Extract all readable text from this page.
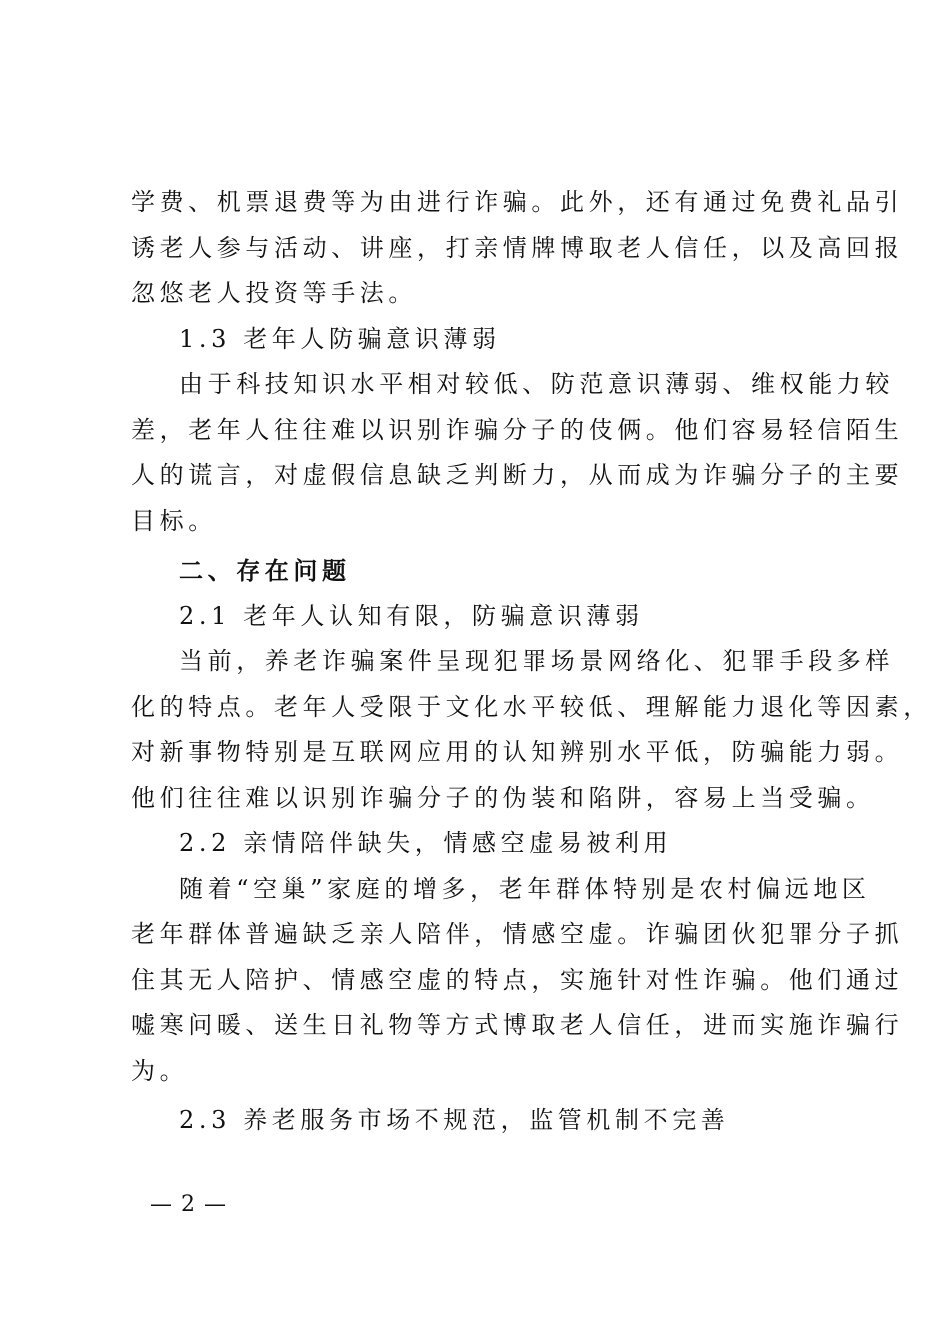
学费、机票退费等为由进行诈骗。此外，还有通过免费礼品引
诱老人参与活动、讲座，打亲情牌博取老人信任，以及高回报
忽悠老人投资等手法。
1.3 老年人防骗意识薄弱
由于科技知识水平相对较低、防范意识薄弱、维权能力较
差，老年人往往难以识别诈骗分子的伎俩。他们容易轻信陌生
人的谎言，对虚假信息缺乏判断力，从而成为诈骗分子的主要
目标。
二、存在问题
2.1 老年人认知有限，防骗意识薄弱
当前，养老诈骗案件呈现犯罪场景网络化、犯罪手段多样
化的特点。老年人受限于文化水平较低、理解能力退化等因素，
对新事物特别是互联网应用的认知辨别水平低，防骗能力弱。
他们往往难以识别诈骗分子的伪装和陷阱，容易上当受骗。
2.2 亲情陪伴缺失，情感空虚易被利用
随着“空巢”家庭的增多，老年群体特别是农村偏远地区
老年群体普遍缺乏亲人陪伴，情感空虚。诈骗团伙犯罪分子抓
住其无人陪护、情感空虚的特点，实施针对性诈骗。他们通过
嘘寒问暖、送生日礼物等方式博取老人信任，进而实施诈骗行
为。
2.3 养老服务市场不规范，监管机制不完善
— 2 —
